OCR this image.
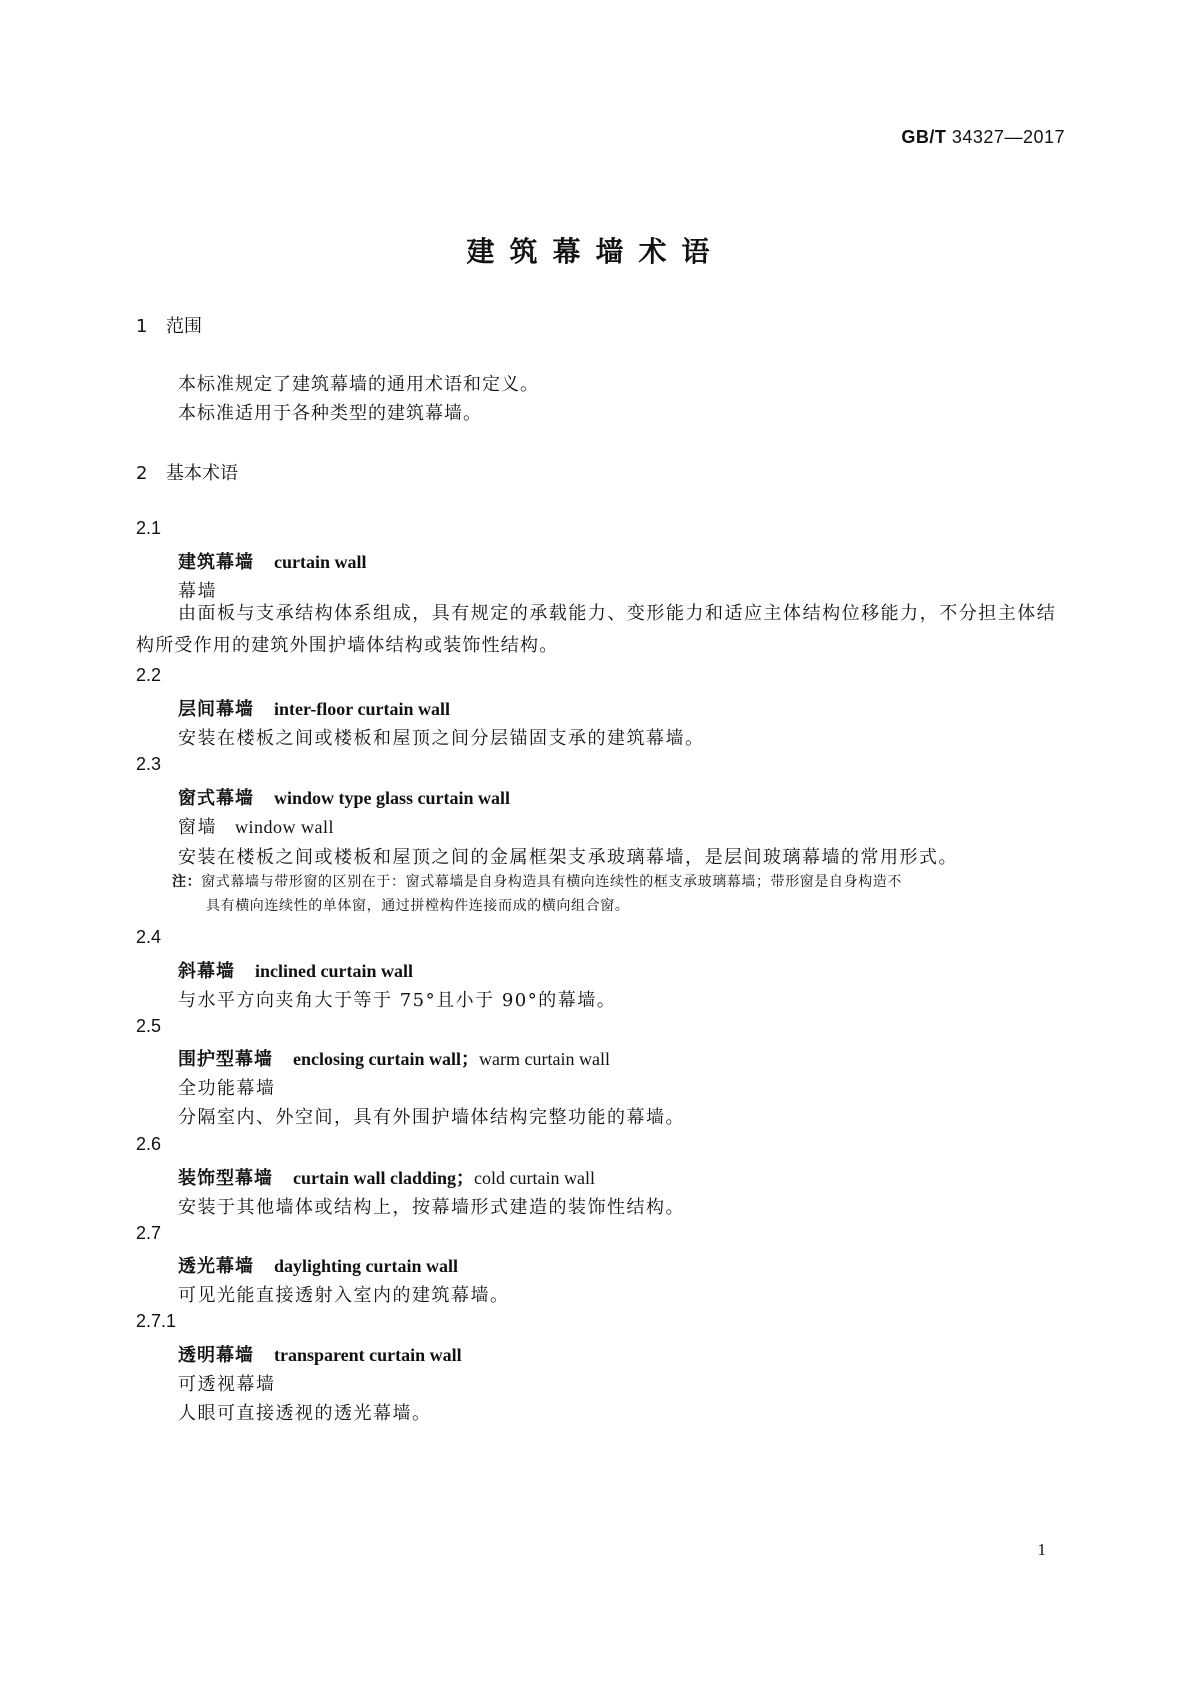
GB/T 34327—2017
建筑幕墙术语
1 范围
本标准规定了建筑幕墙的通用术语和定义。
本标准适用于各种类型的建筑幕墙。
2 基本术语
2.1
建筑幕墙 curtain wall
幕墙
由面板与支承结构体系组成，具有规定的承载能力、变形能力和适应主体结构位移能力，不分担主体结构所受作用的建筑外围护墙体结构或装饰性结构。
2.2
层间幕墙 inter-floor curtain wall
安装在楼板之间或楼板和屋顶之间分层锚固支承的建筑幕墙。
2.3
窗式幕墙 window type glass curtain wall
窗墙 window wall
安装在楼板之间或楼板和屋顶之间的金属框架支承玻璃幕墙，是层间玻璃幕墙的常用形式。
注：窗式幕墙与带形窗的区别在于：窗式幕墙是自身构造具有横向连续性的框支承玻璃幕墙；带形窗是自身构造不
具有横向连续性的单体窗，通过拼樘构件连接而成的横向组合窗。
2.4
斜幕墙 inclined curtain wall
与水平方向夹角大于等于 75°且小于 90°的幕墙。
2.5
围护型幕墙 enclosing curtain wall；warm curtain wall
全功能幕墙
分隔室内、外空间，具有外围护墙体结构完整功能的幕墙。
2.6
装饰型幕墙 curtain wall cladding；cold curtain wall
安装于其他墙体或结构上，按幕墙形式建造的装饰性结构。
2.7
透光幕墙 daylighting curtain wall
可见光能直接透射入室内的建筑幕墙。
2.7.1
透明幕墙 transparent curtain wall
可透视幕墙
人眼可直接透视的透光幕墙。
1
